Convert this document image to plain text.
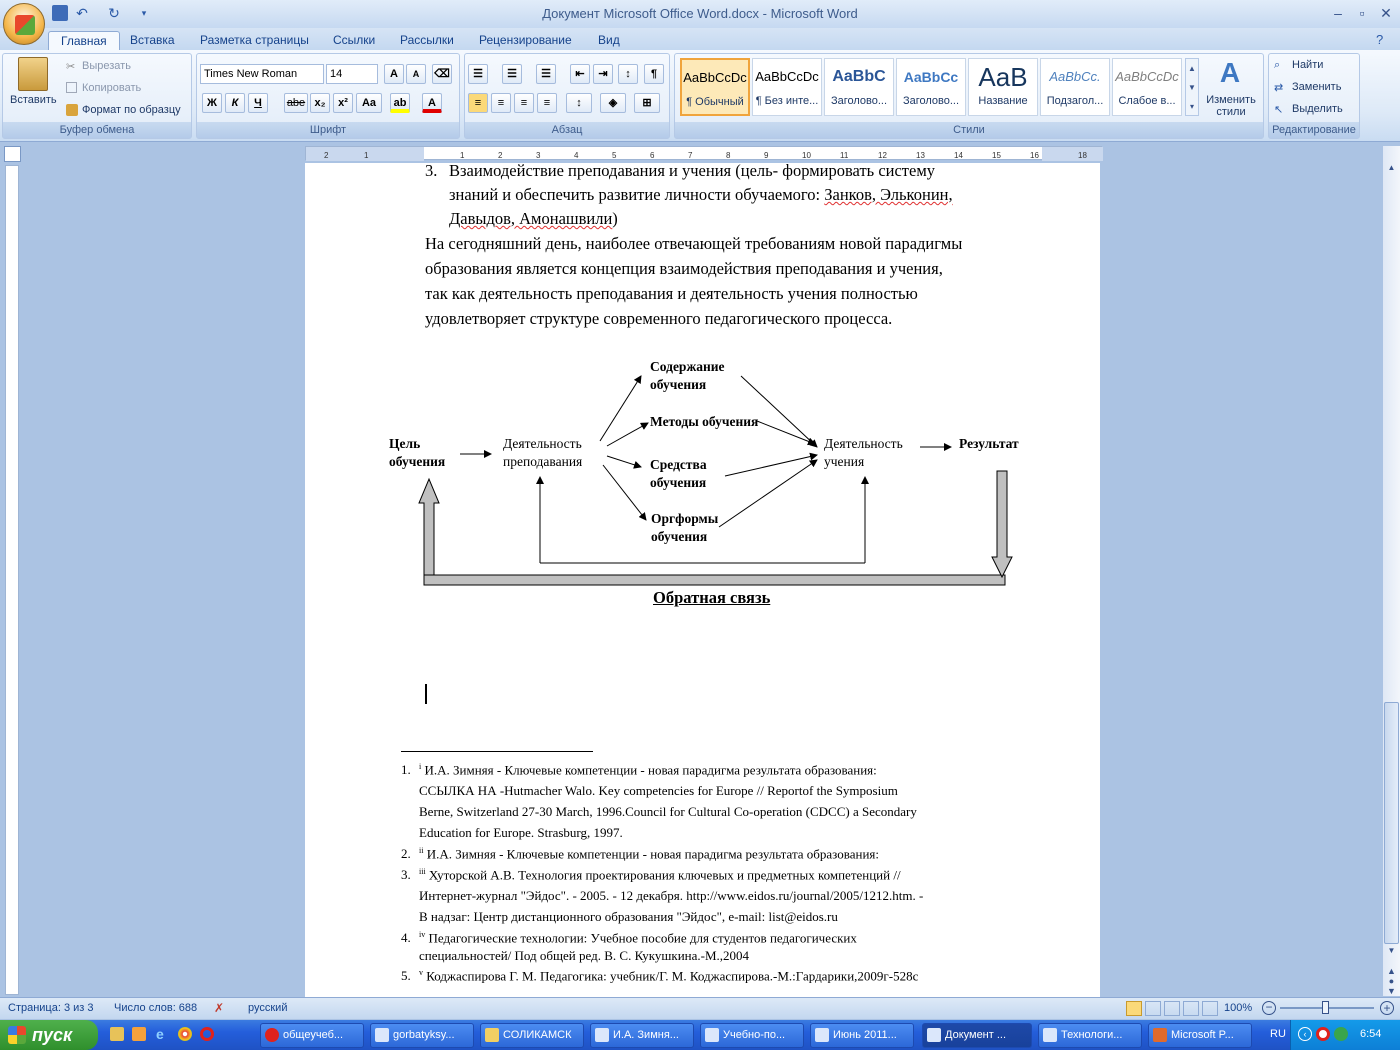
Документ Microsoft Office Word.docx - Microsoft Word
↶ ↻	▾	–	▫	✕
Главная	Вставка	Разметка страницы	Ссылки	Рассылки	Рецензирование	Вид	?
Буфер обмена
Вставить
✂ Вырезать
Копировать
Формат по образцу
Шрифт
Times New Roman	14	A	A	⌫
Ж	К	Ч	abe x₂	x²	Aa	ab	A
Абзац
☰	☰	☰	⇤	⇥	↕	¶
≡	≡	≡	≡	↕	◈	⊞
Стили
AaBbCcDc
¶ Обычный
AaBbCcDc
¶ Без инте...
AaBbC
Заголово...
AaBbCc
Заголово...
AaB
Название
AaBbCc.
Подзагол...
AaBbCcDc
Слабое в...
▲
▼
▾
A
Изменить стили
Редактирование
⌕ Найти
⇄ Заменить
↖ Выделить
2	1	1	2	3	4	5	6	7	8	9	10	11	12	13	14	15	16	18
▲
▼
▲
●
▼
3. Взаимодействие преподавания и учения (цель- формировать систему
знаний и обеспечить развитие личности обучаемого: Занков, Эльконин,
Давыдов, Амонашвили)
На сегодняшний день, наиболее отвечающей требованиям новой парадигмы
образования является концепция взаимодействия преподавания и учения,
так как деятельность преподавания и деятельность учения полностью
удовлетворяет структуре современного педагогического процесса.
Цель
обучения
Деятельность
преподавания
Содержание
обучения
Методы обучения
Средства
обучения
Оргформы
обучения
Деятельность
учения
Результат
Обратная связь
1. $^i$ И.А. Зимняя - Ключевые компетенции - новая парадигма результата образования:
ССЫЛКА НА -Hutmacher Walo. Key competencies for Europe // Reportof the Symposium
Berne, Switzerland 27-30 March, 1996.Council for Cultural Co-operation (CDCC) a Secondary
Education for Europe. Strasburg, 1997.
2. $^{ii}$ И.А. Зимняя - Ключевые компетенции - новая парадигма результата образования:
3. $^{iii}$ Хуторской А.В. Технология проектирования ключевых и предметных компетенций //
Интернет-журнал "Эйдос". - 2005. - 12 декабря. http://www.eidos.ru/journal/2005/1212.htm. -
В надзаг: Центр дистанционного образования "Эйдос", e-mail: list@eidos.ru
4. $^{iv}$ Педагогические технологии: Учебное пособие для студентов педагогических
специальностей/ Под общей ред. В. С. Кукушкина.-М.,2004
5. $^v$ Коджаспирова Г. М. Педагогика: учебник/Г. М. Коджаспирова.-М.:Гардарики,2009г-528с
Страница: 3 из 3 Число слов: 688 ✗ русский	100% −	+
пуск	e	общеучеб...	gorbatyksy...	СОЛИКАМСК	И.А. Зимня...	Учебно-по...	Июнь 2011...	Документ ...	Технологи...	Microsoft P...	RU	‹	6:54
